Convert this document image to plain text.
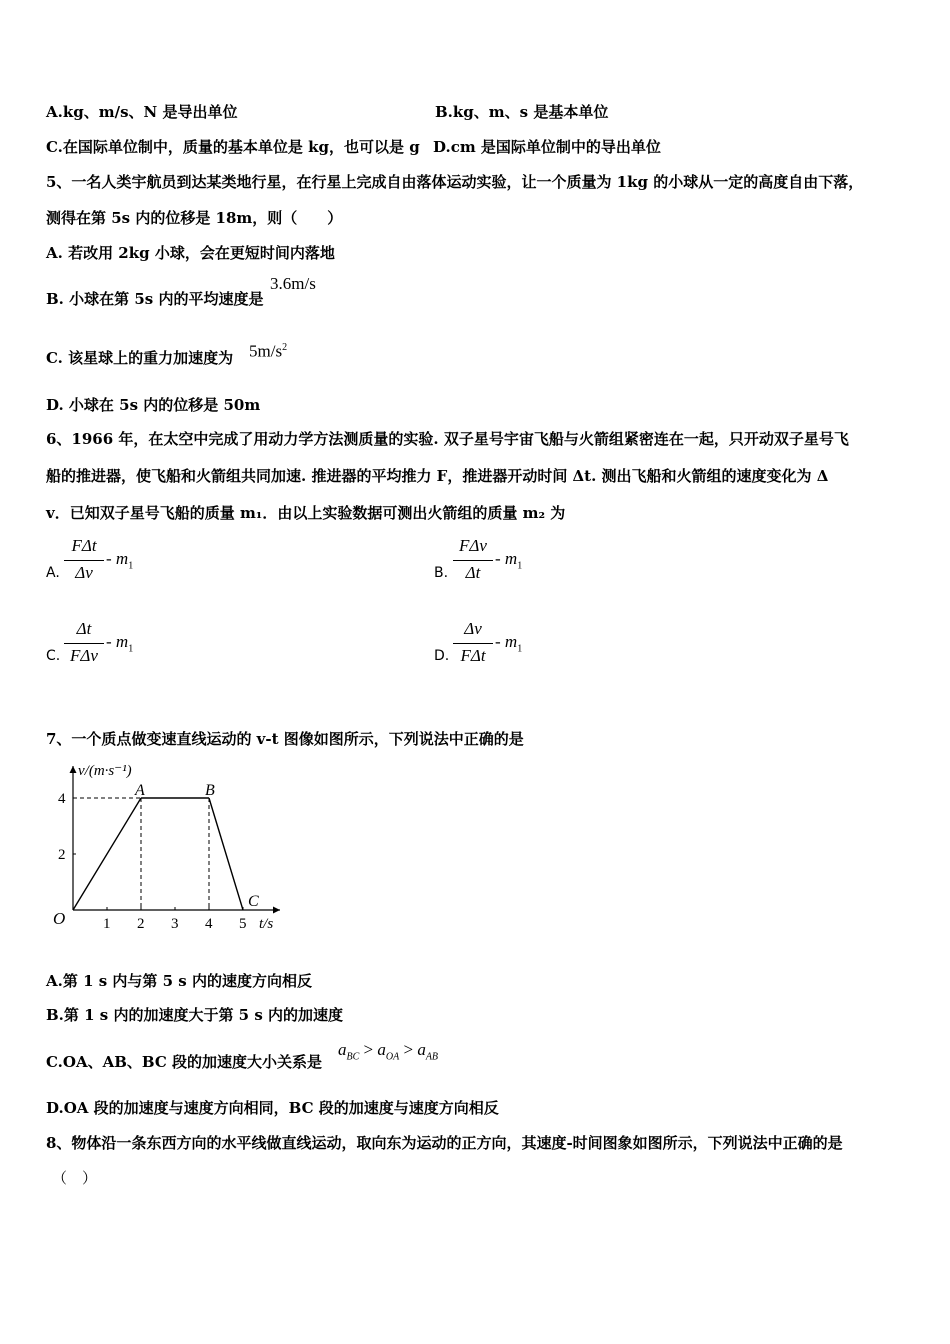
A.kg、m/s、N 是导出单位	B.kg、m、s 是基本单位
C.在国际单位制中，质量的基本单位是 kg，也可以是 g D.cm 是国际单位制中的导出单位
5、一名人类宇航员到达某类地行星，在行星上完成自由落体运动实验，让一个质量为 1kg 的小球从一定的高度自由下落，
测得在第 5s 内的位移是 18m，则（　　）
A. 若改用 2kg 小球，会在更短时间内落地
B. 小球在第 5s 内的平均速度是
3.6m/s
C. 该星球上的重力加速度为 $5m/s^2$
D. 小球在 5s 内的位移是 50m
6、1966 年，在太空中完成了用动力学方法测质量的实验. 双子星号宇宙飞船与火箭组紧密连在一起，只开动双子星号飞
船的推进器，使飞船和火箭组共同加速. 推进器的平均推力 F，推进器开动时间 Δt. 测出飞船和火箭组的速度变化为 Δ
v．已知双子星号飞船的质量 m₁．由以上实验数据可测出火箭组的质量 m₂ 为
A.
FΔt
Δv
- $m_1$	B.
FΔv
Δt
- $m_1$
C.
Δt
FΔv
- $m_1$	D.
Δv
FΔt
- $m_1$
7、一个质点做变速直线运动的 v-t 图像如图所示，下列说法中正确的是
v/(m·s⁻¹)
t/s
O	1 2 3 4 5
2
4	A	B
C
A.第 1 s 内与第 5 s 内的速度方向相反
B.第 1 s 内的加速度大于第 5 s 内的加速度
C.OA、AB、BC 段的加速度大小关系是
$a_{BC} > a_{OA} > a_{AB}$
D.OA 段的加速度与速度方向相同，BC 段的加速度与速度方向相反
8、物体沿一条东西方向的水平线做直线运动，取向东为运动的正方向，其速度-时间图象如图所示，下列说法中正确的是
（　）
